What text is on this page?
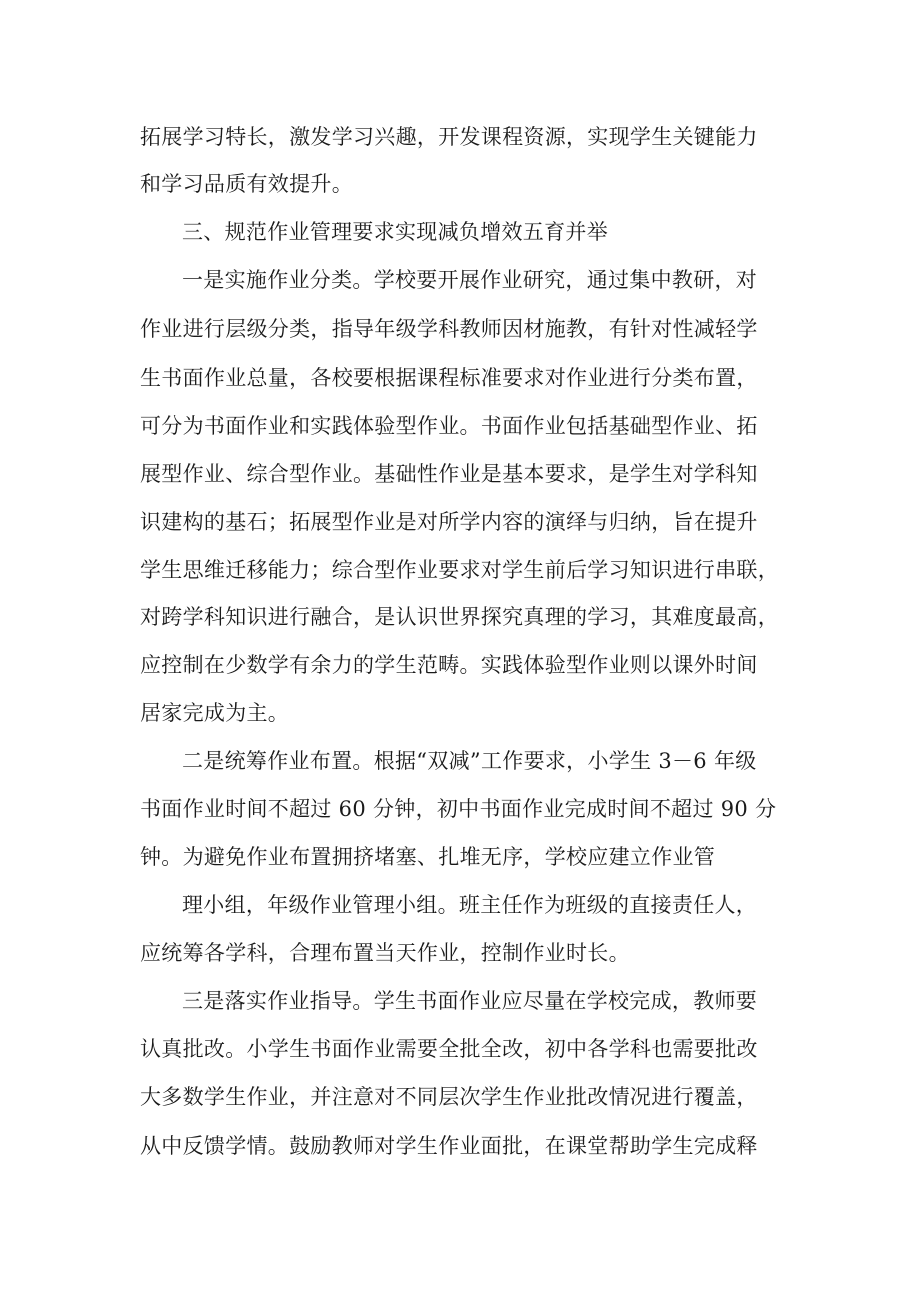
拓展学习特长，激发学习兴趣，开发课程资源，实现学生关键能力
和学习品质有效提升。
三、规范作业管理要求实现减负增效五育并举
一是实施作业分类。学校要开展作业研究，通过集中教研，对
作业进行层级分类，指导年级学科教师因材施教，有针对性减轻学
生书面作业总量，各校要根据课程标准要求对作业进行分类布置，
可分为书面作业和实践体验型作业。书面作业包括基础型作业、拓
展型作业、综合型作业。基础性作业是基本要求，是学生对学科知
识建构的基石；拓展型作业是对所学内容的演绎与归纳，旨在提升
学生思维迁移能力；综合型作业要求对学生前后学习知识进行串联，
对跨学科知识进行融合，是认识世界探究真理的学习，其难度最高，
应控制在少数学有余力的学生范畴。实践体验型作业则以课外时间
居家完成为主。
二是统筹作业布置。根据“双减”工作要求，小学生 3－6 年级
书面作业时间不超过 60 分钟，初中书面作业完成时间不超过 90 分
钟。为避免作业布置拥挤堵塞、扎堆无序，学校应建立作业管
理小组，年级作业管理小组。班主任作为班级的直接责任人，
应统筹各学科，合理布置当天作业，控制作业时长。
三是落实作业指导。学生书面作业应尽量在学校完成，教师要
认真批改。小学生书面作业需要全批全改，初中各学科也需要批改
大多数学生作业，并注意对不同层次学生作业批改情况进行覆盖，
从中反馈学情。鼓励教师对学生作业面批，在课堂帮助学生完成释
